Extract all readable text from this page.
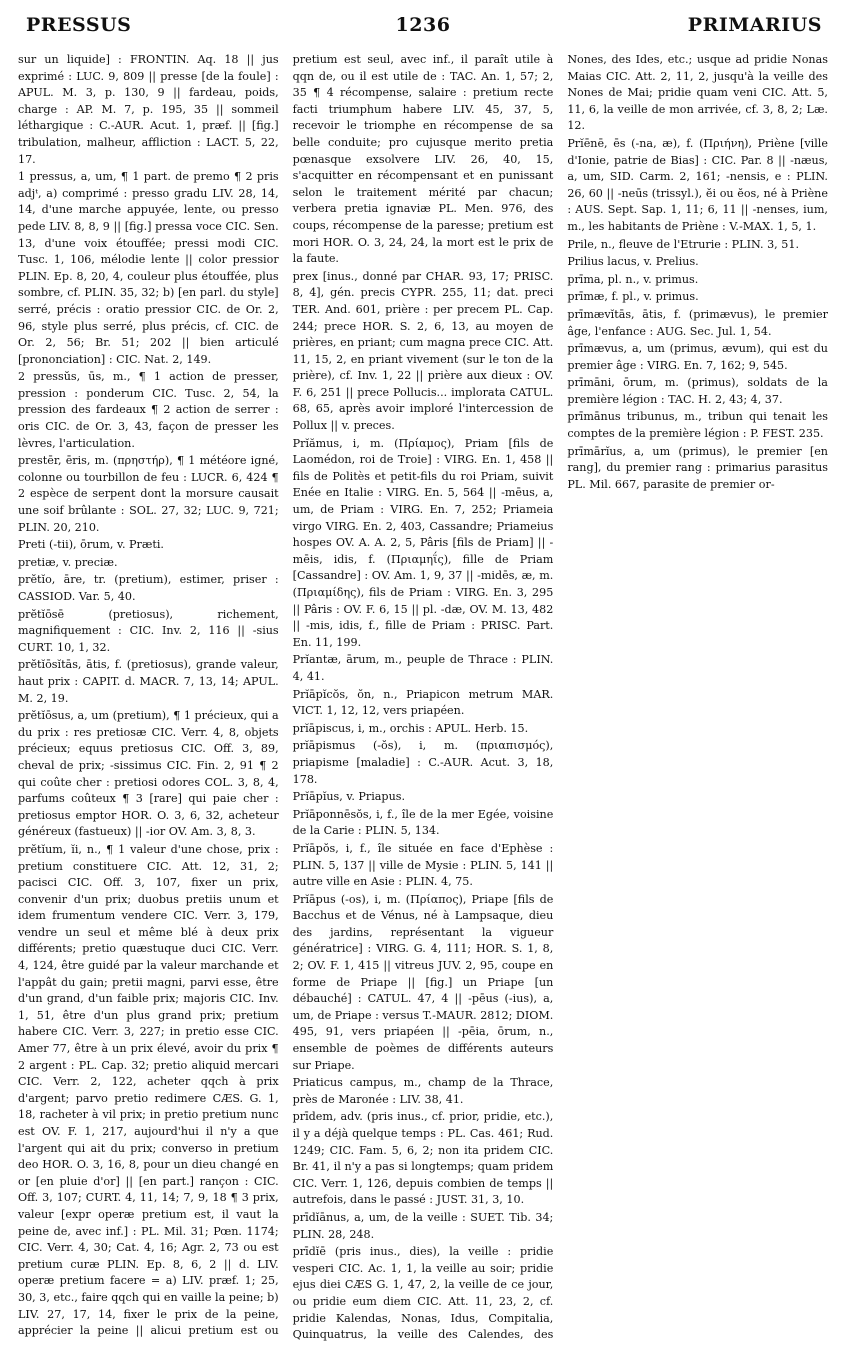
PRESSUS	1236	PRIMARIUS

sur un liquide] : FRONTIN. Aq. 18 || jus exprimé : LUC. 9, 809 || presse [de la foule] : APUL. M. 3, p. 130, 9 || fardeau, poids, charge : AP. M. 7, p. 195, 35 || sommeil léthargique : C.-AUR. Acut. 1, præf. || [fig.] tribulation, malheur, affliction : LACT. 5, 22, 17.

1 pressus, a, um, ¶ 1 part. de premo ¶ 2 pris adjᵗ, a) comprimé : presso gradu LIV. 28, 14, 14, d'une marche appuyée, lente, ou presso pede LIV. 8, 8, 9 || [fig.] pressa voce CIC. Sen. 13, d'une voix étouffée; pressi modi CIC. Tusc. 1, 106, mélodie lente || color pressior PLIN. Ep. 8, 20, 4, couleur plus étouffée, plus sombre, cf. PLIN. 35, 32; b) [en parl. du style] serré, précis : oratio pressior CIC. de Or. 2, 96, style plus serré, plus précis, cf. CIC. de Or. 2, 56; Br. 51; 202 || bien articulé [prononciation] : CIC. Nat. 2, 149.

2 pressŭs, ūs, m., ¶ 1 action de presser, pression : ponderum CIC. Tusc. 2, 54, la pression des fardeaux ¶ 2 action de serrer : oris CIC. de Or. 3, 43, façon de presser les lèvres, l'articulation.

prestēr, ēris, m. (πρηστήρ), ¶ 1 météore igné, colonne ou tourbillon de feu : LUCR. 6, 424 ¶ 2 espèce de serpent dont la morsure causait une soif brûlante : SOL. 27, 32; LUC. 9, 721; PLIN. 20, 210.

Preti (-tii), ōrum, v. Præti.

pretiæ, v. preciæ.

prĕtĭo, āre, tr. (pretium), estimer, priser : CASSIOD. Var. 5, 40.

prĕtĭōsē (pretiosus), richement, magnifiquement : CIC. Inv. 2, 116 || -sius CURT. 10, 1, 32.

prĕtĭōsĭtās, ātis, f. (pretiosus), grande valeur, haut prix : CAPIT. d. MACR. 7, 13, 14; APUL. M. 2, 19.

prĕtĭōsus, a, um (pretium), ¶ 1 précieux, qui a du prix : res pretiosæ CIC. Verr. 4, 8, objets précieux; equus pretiosus CIC. Off. 3, 89, cheval de prix; -sissimus CIC. Fin. 2, 91 ¶ 2 qui coûte cher : pretiosi odores COL. 3, 8, 4, parfums coûteux ¶ 3 [rare] qui paie cher : pretiosus emptor HOR. O. 3, 6, 32, acheteur généreux (fastueux) || -ior OV. Am. 3, 8, 3.

prĕtĭum, ĭi, n., ¶ 1 valeur d'une chose, prix : pretium constituere CIC. Att. 12, 31, 2; pacisci CIC. Off. 3, 107, fixer un prix, convenir d'un prix; duobus pretiis unum et idem frumentum vendere CIC. Verr. 3, 179, vendre un seul et même blé à deux prix différents; pretio quæstuque duci CIC. Verr. 4, 124, être guidé par la valeur marchande et l'appât du gain; pretii magni, parvi esse, être d'un grand, d'un faible prix; majoris CIC. Inv. 1, 51, être d'un plus grand prix; pretium habere CIC. Verr. 3, 227; in pretio esse CIC. Amer 77, être à un prix élevé, avoir du prix ¶ 2 argent : PL. Cap. 32; pretio aliquid mercari CIC. Verr. 2, 122, acheter qqch à prix d'argent; parvo pretio redimere CÆS. G. 1, 18, racheter à vil prix; in pretio pretium nunc est OV. F. 1, 217, aujourd'hui il n'y a que l'argent qui ait du prix; converso in pretium deo HOR. O. 3, 16, 8, pour un dieu changé en or [en pluie d'or] || [en part.] rançon : CIC. Off. 3, 107; CURT. 4, 11, 14; 7, 9, 18 ¶ 3 prix, valeur [expr operæ pretium est, il vaut la peine de, avec inf.] : PL. Mil. 31; Pœn. 1174; CIC. Verr. 4, 30; Cat. 4, 16; Agr. 2, 73 ou est pretium curæ PLIN. Ep. 8, 6, 2 || d. LIV. operæ pretium facere = a) LIV. præf. 1; 25, 30, 3, etc., faire qqch qui en vaille la peine; b) LIV. 27, 17, 14, fixer le prix de la peine, apprécier la peine || alicui pretium est ou pretium est seul, avec inf., il paraît utile à qqn de, ou il est utile de : TAC. An. 1, 57; 2, 35 ¶ 4 récompense, salaire : pretium recte facti triumphum habere LIV. 45, 37, 5, recevoir le triomphe en récompense de sa belle conduite; pro cujusque merito pretia pœnasque exsolvere LIV. 26, 40, 15, s'acquitter en récompensant et en punissant selon le traitement mérité par chacun; verbera pretia ignaviæ PL. Men. 976, des coups, récompense de la paresse; pretium est mori HOR. O. 3, 24, 24, la mort est le prix de la faute.

prex [inus., donné par CHAR. 93, 17; PRISC. 8, 4], gén. precis CYPR. 255, 11; dat. preci TER. And. 601, prière : per precem PL. Cap. 244; prece HOR. S. 2, 6, 13, au moyen de prières, en priant; cum magna prece CIC. Att. 11, 15, 2, en priant vivement (sur le ton de la prière), cf. Inv. 1, 22 || prière aux dieux : OV. F. 6, 251 || prece Pollucis... implorata CATUL. 68, 65, après avoir imploré l'intercession de Pollux || v. preces.

Prĭămus, i, m. (Πρίαμος), Priam [fils de Laomédon, roi de Troie] : VIRG. En. 1, 458 || fils de Politès et petit-fils du roi Priam, suivit Enée en Italie : VIRG. En. 5, 564 || -mēus, a, um, de Priam : VIRG. En. 7, 252; Priameia virgo VIRG. En. 2, 403, Cassandre; Priameius hospes OV. A. A. 2, 5, Pâris [fils de Priam] || -mēis, idis, f. (Πριαμηΐς), fille de Priam [Cassandre] : OV. Am. 1, 9, 37 || -midēs, æ, m. (Πριαμίδης), fils de Priam : VIRG. En. 3, 295 || Pâris : OV. F. 6, 15 || pl. -dæ, OV. M. 13, 482 || -mis, idis, f., fille de Priam : PRISC. Part. En. 11, 199.

Prĭantæ, ārum, m., peuple de Thrace : PLIN. 4, 41.

Prĭāpĭcŏs, ŏn, n., Priapicon metrum MAR. VICT. 1, 12, 12, vers priapéen.

prĭāpiscus, i, m., orchis : APUL. Herb. 15.

prĭāpismus (-ŏs), i, m. (πριαπισμός), priapisme [maladie] : C.-AUR. Acut. 3, 18, 178.

Prĭāpĭus, v. Priapus.

Prĭāponnēsŏs, i, f., île de la mer Egée, voisine de la Carie : PLIN. 5, 134.

Prĭāpŏs, i, f., île située en face d'Ephèse : PLIN. 5, 137 || ville de Mysie : PLIN. 5, 141 || autre ville en Asie : PLIN. 4, 75.

Prĭāpus (-os), i, m. (Πρίαπος), Priape [fils de Bacchus et de Vénus, né à Lampsaque, dieu des jardins, représentant la vigueur génératrice] : VIRG. G. 4, 111; HOR. S. 1, 8, 2; OV. F. 1, 415 || vitreus JUV. 2, 95, coupe en forme de Priape || [fig.] un Priape [un débauché] : CATUL. 47, 4 || -pēus (-ius), a, um, de Priape : versus T.-MAUR. 2812; DIOM. 495, 91, vers priapéen || -pēia, ōrum, n., ensemble de poèmes de différents auteurs sur Priape.

Priaticus campus, m., champ de la Thrace, près de Maronée : LIV. 38, 41.

prīdem, adv. (pris inus., cf. prior, pridie, etc.), il y a déjà quelque temps : PL. Cas. 461; Rud. 1249; CIC. Fam. 5, 6, 2; non ita pridem CIC. Br. 41, il n'y a pas si longtemps; quam pridem CIC. Verr. 1, 126, depuis combien de temps || autrefois, dans le passé : JUST. 31, 3, 10.

prīdĭānus, a, um, de la veille : SUET. Tib. 34; PLIN. 28, 248.

prīdĭē (pris inus., dies), la veille : pridie vesperi CIC. Ac. 1, 1, la veille au soir; pridie ejus diei CÆS G. 1, 47, 2, la veille de ce jour, ou pridie eum diem CIC. Att. 11, 23, 2, cf. pridie Kalendas, Nonas, Idus, Compitalia, Quinquatrus, la veille des Calendes, des Nones, des Ides, etc.; usque ad pridie Nonas Maias CIC. Att. 2, 11, 2, jusqu'à la veille des Nones de Mai; pridie quam veni CIC. Att. 5, 11, 6, la veille de mon arrivée, cf. 3, 8, 2; Læ. 12.

Prĭēnē, ēs (-na, æ), f. (Πριήνη), Priène [ville d'Ionie, patrie de Bias] : CIC. Par. 8 || -næus, a, um, SID. Carm. 2, 161; -nensis, e : PLIN. 26, 60 || -neūs (trissyl.), ĕi ou ĕos, né à Priène : AUS. Sept. Sap. 1, 11; 6, 11 || -nenses, ium, m., les habitants de Priène : V.-MAX. 1, 5, 1.

Prile, n., fleuve de l'Etrurie : PLIN. 3, 51.

Prilius lacus, v. Prelius.

prīma, pl. n., v. primus.

prīmæ, f. pl., v. primus.

prīmævĭtās, ātis, f. (primævus), le premier âge, l'enfance : AUG. Sec. Jul. 1, 54.

prīmævus, a, um (primus, ævum), qui est du premier âge : VIRG. En. 7, 162; 9, 545.

prīmāni, ōrum, m. (primus), soldats de la première légion : TAC. H. 2, 43; 4, 37.

prīmānus tribunus, m., tribun qui tenait les comptes de la première légion : P. FEST. 235.

prīmārĭus, a, um (primus), le premier [en rang], du premier rang : primarius parasitus PL. Mil. 667, parasite de premier or-
